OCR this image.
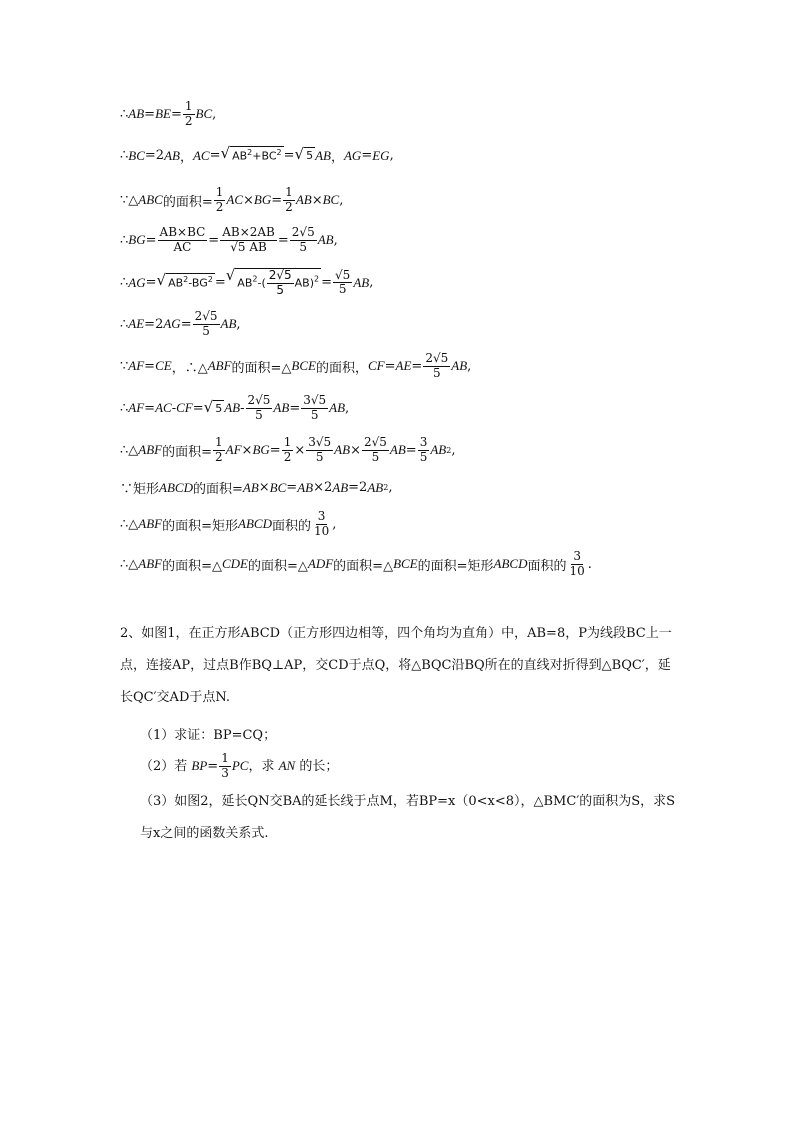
∴ AB = BE = $\frac{1}{2}$ BC ,
∴ BC =2 AB ， AC = √ $AB^2+BC^2$ = √ 5 AB ， AG = EG ,
∵△ ABC 的面积= $\frac{1}{2}$ AC × BG = $\frac{1}{2}$ AB × BC ,
∴ BG = $\frac{AB\times BC}{AC} = \frac{AB\times 2AB}{√5 AB} = \frac{2√5}{5}$ AB ,
∴ AG = √ $AB^2-BG^2$ = √ $AB^2-( \frac{2√5}{5} AB)^2 = \frac{√5}{5}$ AB ,
∴ AE =2 AG = $\frac{2√5}{5}$ AB ,
∵ AF = CE ，∴△ ABF 的面积=△ BCE 的面积， CF = AE = $\frac{2√5}{5}$ AB ,
∴ AF = AC - CF = √ 5 AB - $\frac{2√5}{5}$ AB = $\frac{3√5}{5}$ AB ,
∴△ ABF 的面积= $\frac{1}{2}$ AF × BG = $\frac{1}{2} \times \frac{3√5}{5}$ AB × $\frac{2√5}{5}$ AB = $\frac{3}{5}$ AB 2 ,
∵矩形 ABCD 的面积= AB × BC = AB ×2 AB =2 AB 2 ,
∴△ ABF 的面积=矩形 ABCD 面积的 $\frac{3}{10}$ ,
∴△ ABF 的面积=△ CDE 的面积=△ ADF 的面积=△ BCE 的面积=矩形 ABCD 面积的 $\frac{3}{10}$ .
2、如图1，在正方形ABCD（正方形四边相等，四个角均为直角）中，AB=8，P为线段BC上一点，连接AP，过点B作BQ⊥AP，交CD于点Q，将△BQC沿BQ所在的直线对折得到△BQC′，延长QC′交AD于点N.
（1）求证：BP=CQ；
（2）若 $BP= \frac{1}{3}$ PC，求 AN 的长；
（3）如图2，延长QN交BA的延长线于点M，若BP=x（0<x<8），△BMC′的面积为S，求S与x之间的函数关系式.
